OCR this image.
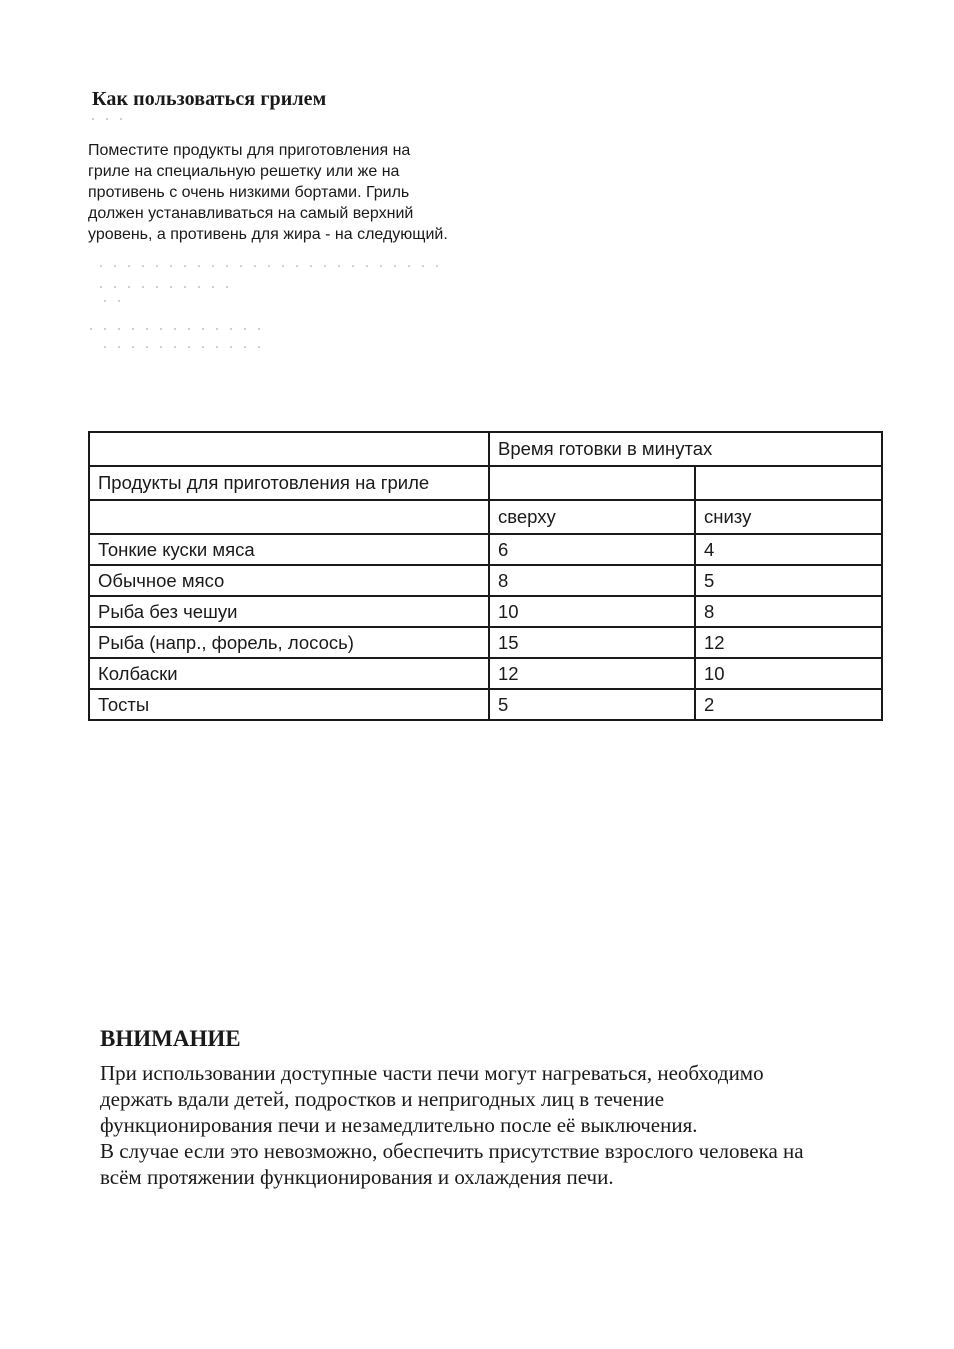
Как пользоваться грилем
Поместите продукты для приготовления на
гриле на специальную решетку или же на
противень с очень низкими бортами. Гриль
должен устанавливаться на самый верхний
уровень, а противень для жира - на следующий.
	Время готовки в минутах	
Продукты для приготовления на гриле		
	сверху	снизу
Тонкие куски мяса	6	4
Обычное мясо	8	5
Рыба без чешуи	10	8
Рыба (напр., форель, лосось)	15	12
Колбаски	12	10
Тосты	5	2
ВНИМАНИЕ
При использовании доступные части печи могут нагреваться, необходимо
держать вдали детей, подростков и непригодных лиц в течение
функционирования печи и незамедлительно после её выключения.
В случае если это невозможно, обеспечить присутствие взрослого человека на
всём протяжении функционирования и охлаждения печи.
